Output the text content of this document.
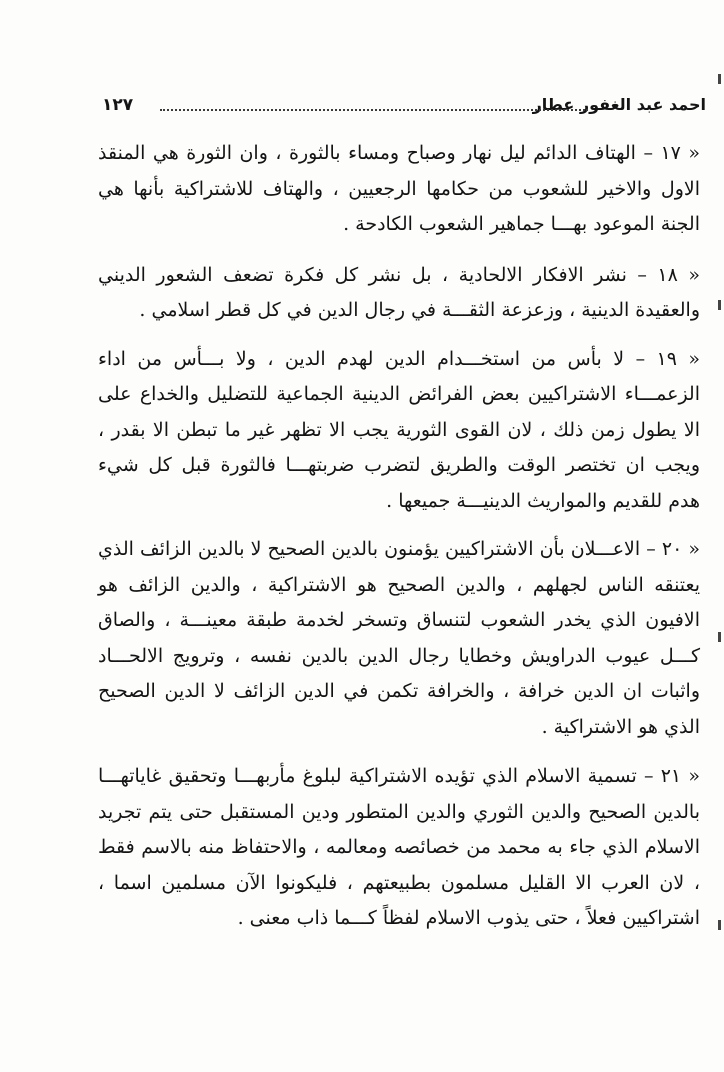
احمد عبد الغفور عطار
١٢٧

« ١٧ – الهتاف الدائم ليل نهار وصباح ومساء بالثورة ، وان الثورة هي المنقذ الاول والاخير للشعوب من حكامها الرجعيين ، والهتاف للاشتراكية بأنها هي الجنة الموعود بهـــا جماهير الشعوب الكادحة .

« ١٨ – نشر الافكار الالحادية ، بل نشر كل فكرة تضعف الشعور الديني والعقيدة الدينية ، وزعزعة الثقـــة في رجال الدين في كل قطر اسلامي .

« ١٩ – لا بأس من استخـــدام الدين لهدم الدين ، ولا بـــأس من اداء الزعمـــاء الاشتراكيين بعض الفرائض الدينية الجماعية للتضليل والخداع على الا يطول زمن ذلك ، لان القوى الثورية يجب الا تظهر غير ما تبطن الا بقدر ، ويجب ان تختصر الوقت والطريق لتضرب ضربتهـــا فالثورة قبل كل شيء هدم للقديم والمواريث الدينيـــة جميعها .

« ٢٠ – الاعـــلان بأن الاشتراكيين يؤمنون بالدين الصحيح لا بالدين الزائف الذي يعتنقه الناس لجهلهم ، والدين الصحيح هو الاشتراكية ، والدين الزائف هو الافيون الذي يخدر الشعوب لتنساق وتسخر لخدمة طبقة معينـــة ، والصاق كـــل عيوب الدراويش وخطايا رجال الدين بالدين نفسه ، وترويج الالحـــاد واثبات ان الدين خرافة ، والخرافة تكمن في الدين الزائف لا الدين الصحيح الذي هو الاشتراكية .

« ٢١ – تسمية الاسلام الذي تؤيده الاشتراكية لبلوغ مأربهـــا وتحقيق غاياتهـــا بالدين الصحيح والدين الثوري والدين المتطور ودين المستقبل حتى يتم تجريد الاسلام الذي جاء به محمد من خصائصه ومعالمه ، والاحتفاظ منه بالاسم فقط ، لان العرب الا القليل مسلمون بطبيعتهم ، فليكونوا الآن مسلمين اسما ، اشتراكيين فعلاً ، حتى يذوب الاسلام لفظاً كـــما ذاب معنى .
